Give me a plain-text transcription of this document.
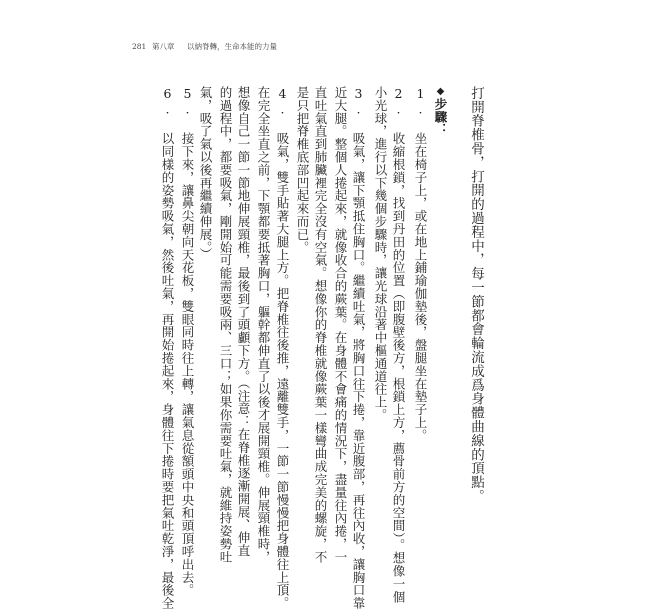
281 第八章 以納脊轉，生命本能的力量
打開脊椎骨，打開的過程中，每一節都會輪流成爲身體曲線的頂點。
◆步驟：
1. 坐在椅子上，或在地上鋪瑜伽墊後，盤腿坐在墊子上。
2. 收縮根鎖，找到丹田的位置（即腹壁後方，根鎖上方，薦骨前方的空間）。想像一個
小光球，進行以下幾個步驟時，讓光球沿著中樞通道往上。
3. 吸氣，讓下顎抵住胸口。繼續吐氣，將胸口往下捲，靠近腹部，再往內收，讓胸口靠
近大腿。整個人捲起來，就像收合的蕨葉。在身體不會痛的情況下，盡量往內捲，一
直吐氣直到肺臟裡完全沒有空氣。想像你的脊椎就像蕨葉一樣彎曲成完美的螺旋，不
是只把脊椎底部凹起來而已。
4. 吸氣，雙手貼著大腿上方。把脊椎往後推，遠離雙手，一節一節慢慢把身體往上頂。
在完全坐直之前，下顎都要抵著胸口，軀幹都伸直了以後才展開頸椎。伸展頸椎時，
想像自己一節一節地伸展頸椎，最後到了頭顱下方。（注意：在脊椎逐漸開展、伸直
的過程中，都要吸氣，剛開始可能需要吸兩、三口；如果你需要吐氣，就維持姿勢吐
氣，吸了氣以後再繼續伸展。）
5. 接下來，讓鼻尖朝向天花板，雙眼同時往上轉，讓氣息從額頭中央和頭頂呼出去。
6. 以同樣的姿勢吸氣，然後吐氣，再開始捲起來，身體往下捲時要把氣吐乾淨，最後全
